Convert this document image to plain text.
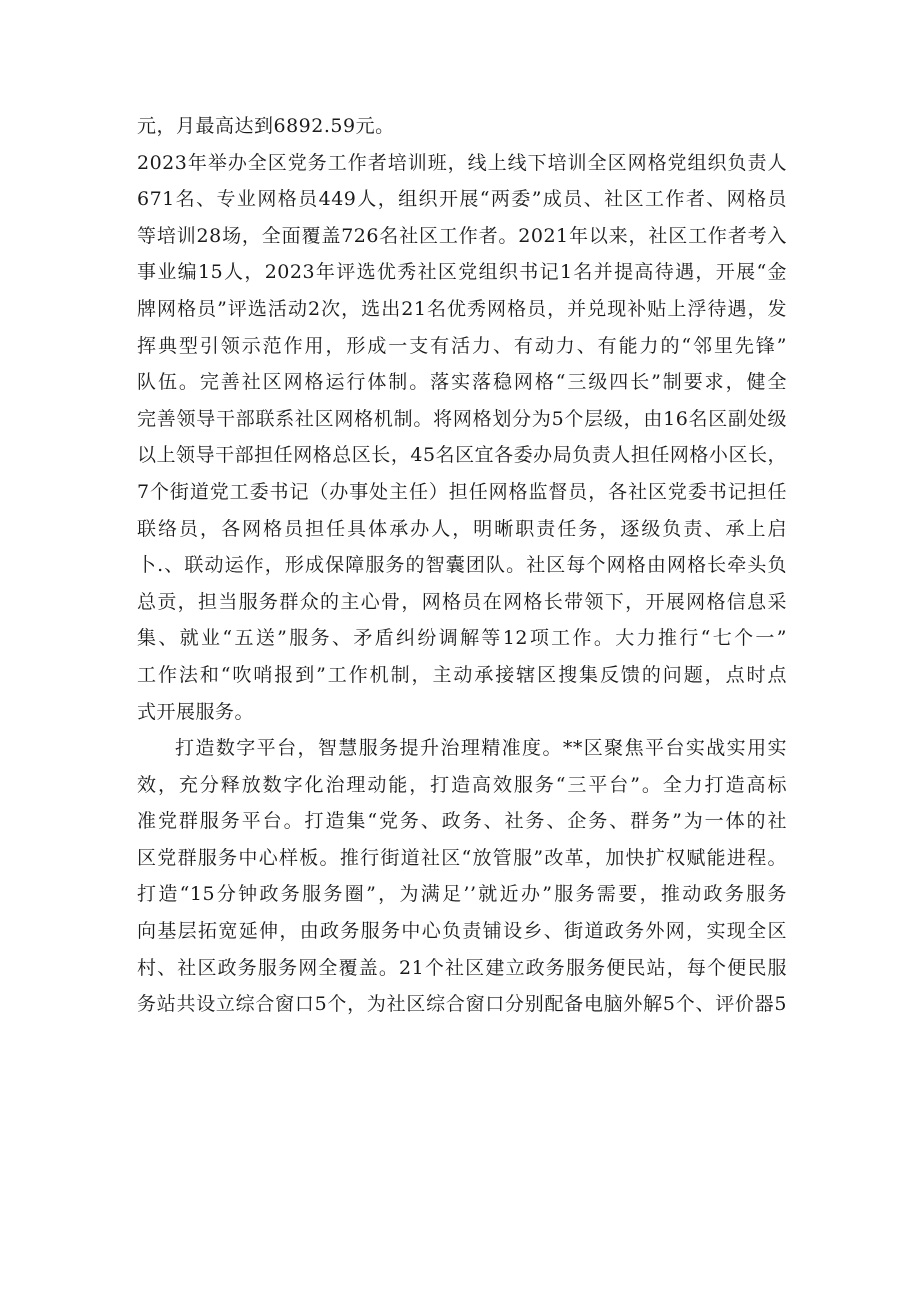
元，月最高达到6892.59元。
2023年举办全区党务工作者培训班，线上线下培训全区网格党组织负责人
671名、专业网格员449人，组织开展“两委”成员、社区工作者、网格员
等培训28场，全面覆盖726名社区工作者。2021年以来，社区工作者考入
事业编15人，2023年评选优秀社区党组织书记1名并提高待遇，开展“金
牌网格员”评选活动2次，选出21名优秀网格员，并兑现补贴上浮待遇，发
挥典型引领示范作用，形成一支有活力、有动力、有能力的“邻里先锋”
队伍。完善社区网格运行体制。落实落稳网格“三级四长”制要求，健全
完善领导干部联系社区网格机制。将网格划分为5个层级，由16名区副处级
以上领导干部担任网格总区长，45名区宜各委办局负责人担任网格小区长，
7个街道党工委书记（办事处主任）担任网格监督员，各社区党委书记担任
联络员，各网格员担任具体承办人，明晰职责任务，逐级负责、承上启
卜.、联动运作，形成保障服务的智囊团队。社区每个网格由网格长牵头负
总贡，担当服务群众的主心骨，网格员在网格长带领下，开展网格信息采
集、就业“五送”服务、矛盾纠纷调解等12项工作。大力推行“七个一”
工作法和“吹哨报到”工作机制，主动承接辖区搜集反馈的问题，点时点
式开展服务。
打造数字平台，智慧服务提升治理精准度。**区聚焦平台实战实用实
效，充分释放数字化治理动能，打造高效服务“三平台”。全力打造高标
准党群服务平台。打造集“党务、政务、社务、企务、群务”为一体的社
区党群服务中心样板。推行街道社区“放管服”改革，加快扩权赋能进程。
打造“15分钟政务服务圈”，为满足’’就近办”服务需要，推动政务服务
向基层拓宽延伸，由政务服务中心负责铺设乡、街道政务外网，实现全区
村、社区政务服务网全覆盖。21个社区建立政务服务便民站，每个便民服
务站共设立综合窗口5个，为社区综合窗口分别配备电脑外解5个、评价器5
